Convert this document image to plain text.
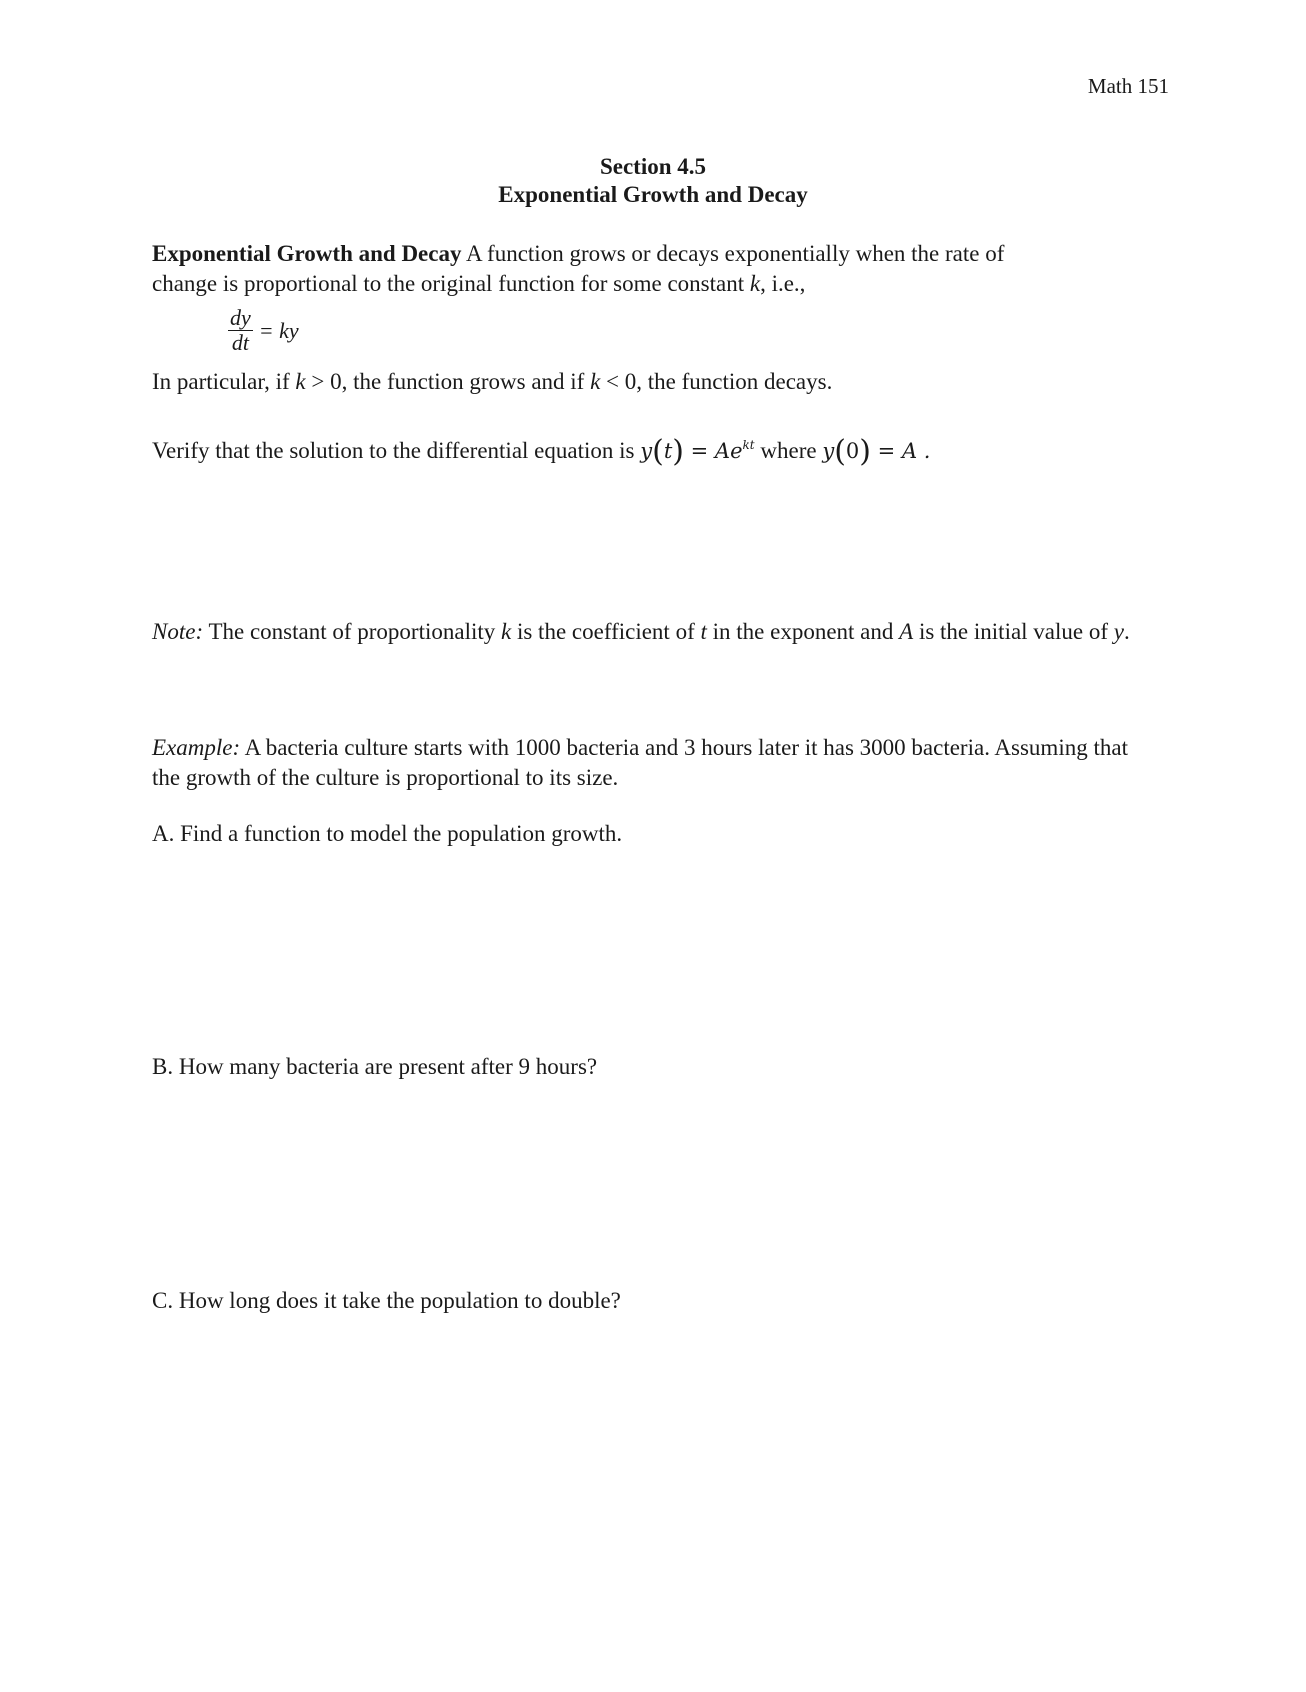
Math 151
Section 4.5
Exponential Growth and Decay
Exponential Growth and Decay A function grows or decays exponentially when the rate of
change is proportional to the original function for some constant k, i.e.,
$\frac{dy}{dt}$ = ky
In particular, if k > 0, the function grows and if k < 0, the function decays.
Verify that the solution to the differential equation is $y(t) = Ae^{kt}$ where y(0) = A .
Note: The constant of proportionality k is the coefficient of t in the exponent and A is the initial value of y.
Example: A bacteria culture starts with 1000 bacteria and 3 hours later it has 3000 bacteria. Assuming that the growth of the culture is proportional to its size.
A. Find a function to model the population growth.
B. How many bacteria are present after 9 hours?
C. How long does it take the population to double?
